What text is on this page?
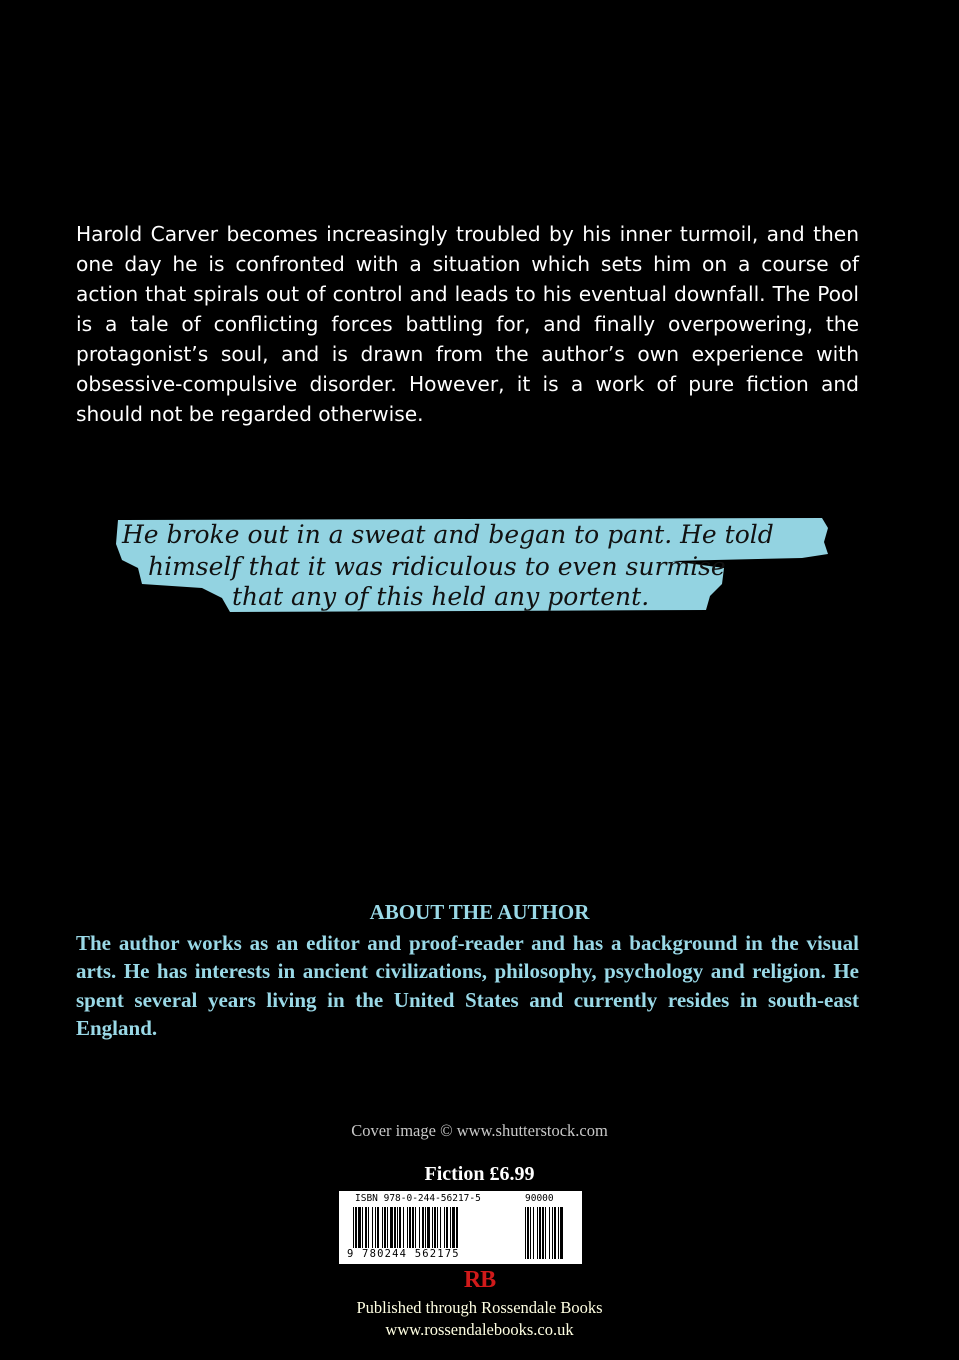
Harold Carver becomes increasingly troubled by his inner turmoil, and then one day he is confronted with a situation which sets him on a course of action that spirals out of control and leads to his eventual downfall. The Pool is a tale of conflicting forces battling for, and finally overpowering, the protagonist’s soul, and is drawn from the author’s own experience with obsessive-compulsive disorder. However, it is a work of pure fiction and should not be regarded otherwise.

He broke out in a sweat and began to pant. He told
himself that it was ridiculous to even surmise
that any of this held any portent.

ABOUT THE AUTHOR

The author works as an editor and proof-reader and has a background in the visual arts. He has interests in ancient civilizations, philosophy, psychology and religion. He spent several years living in the United States and currently resides in south-east England.

Cover image © www.shutterstock.com

Fiction £6.99

ISBN 978-0-244-56217-5	90000
9 780244 562175

RB

Published through Rossendale Books

www.rossendalebooks.co.uk
